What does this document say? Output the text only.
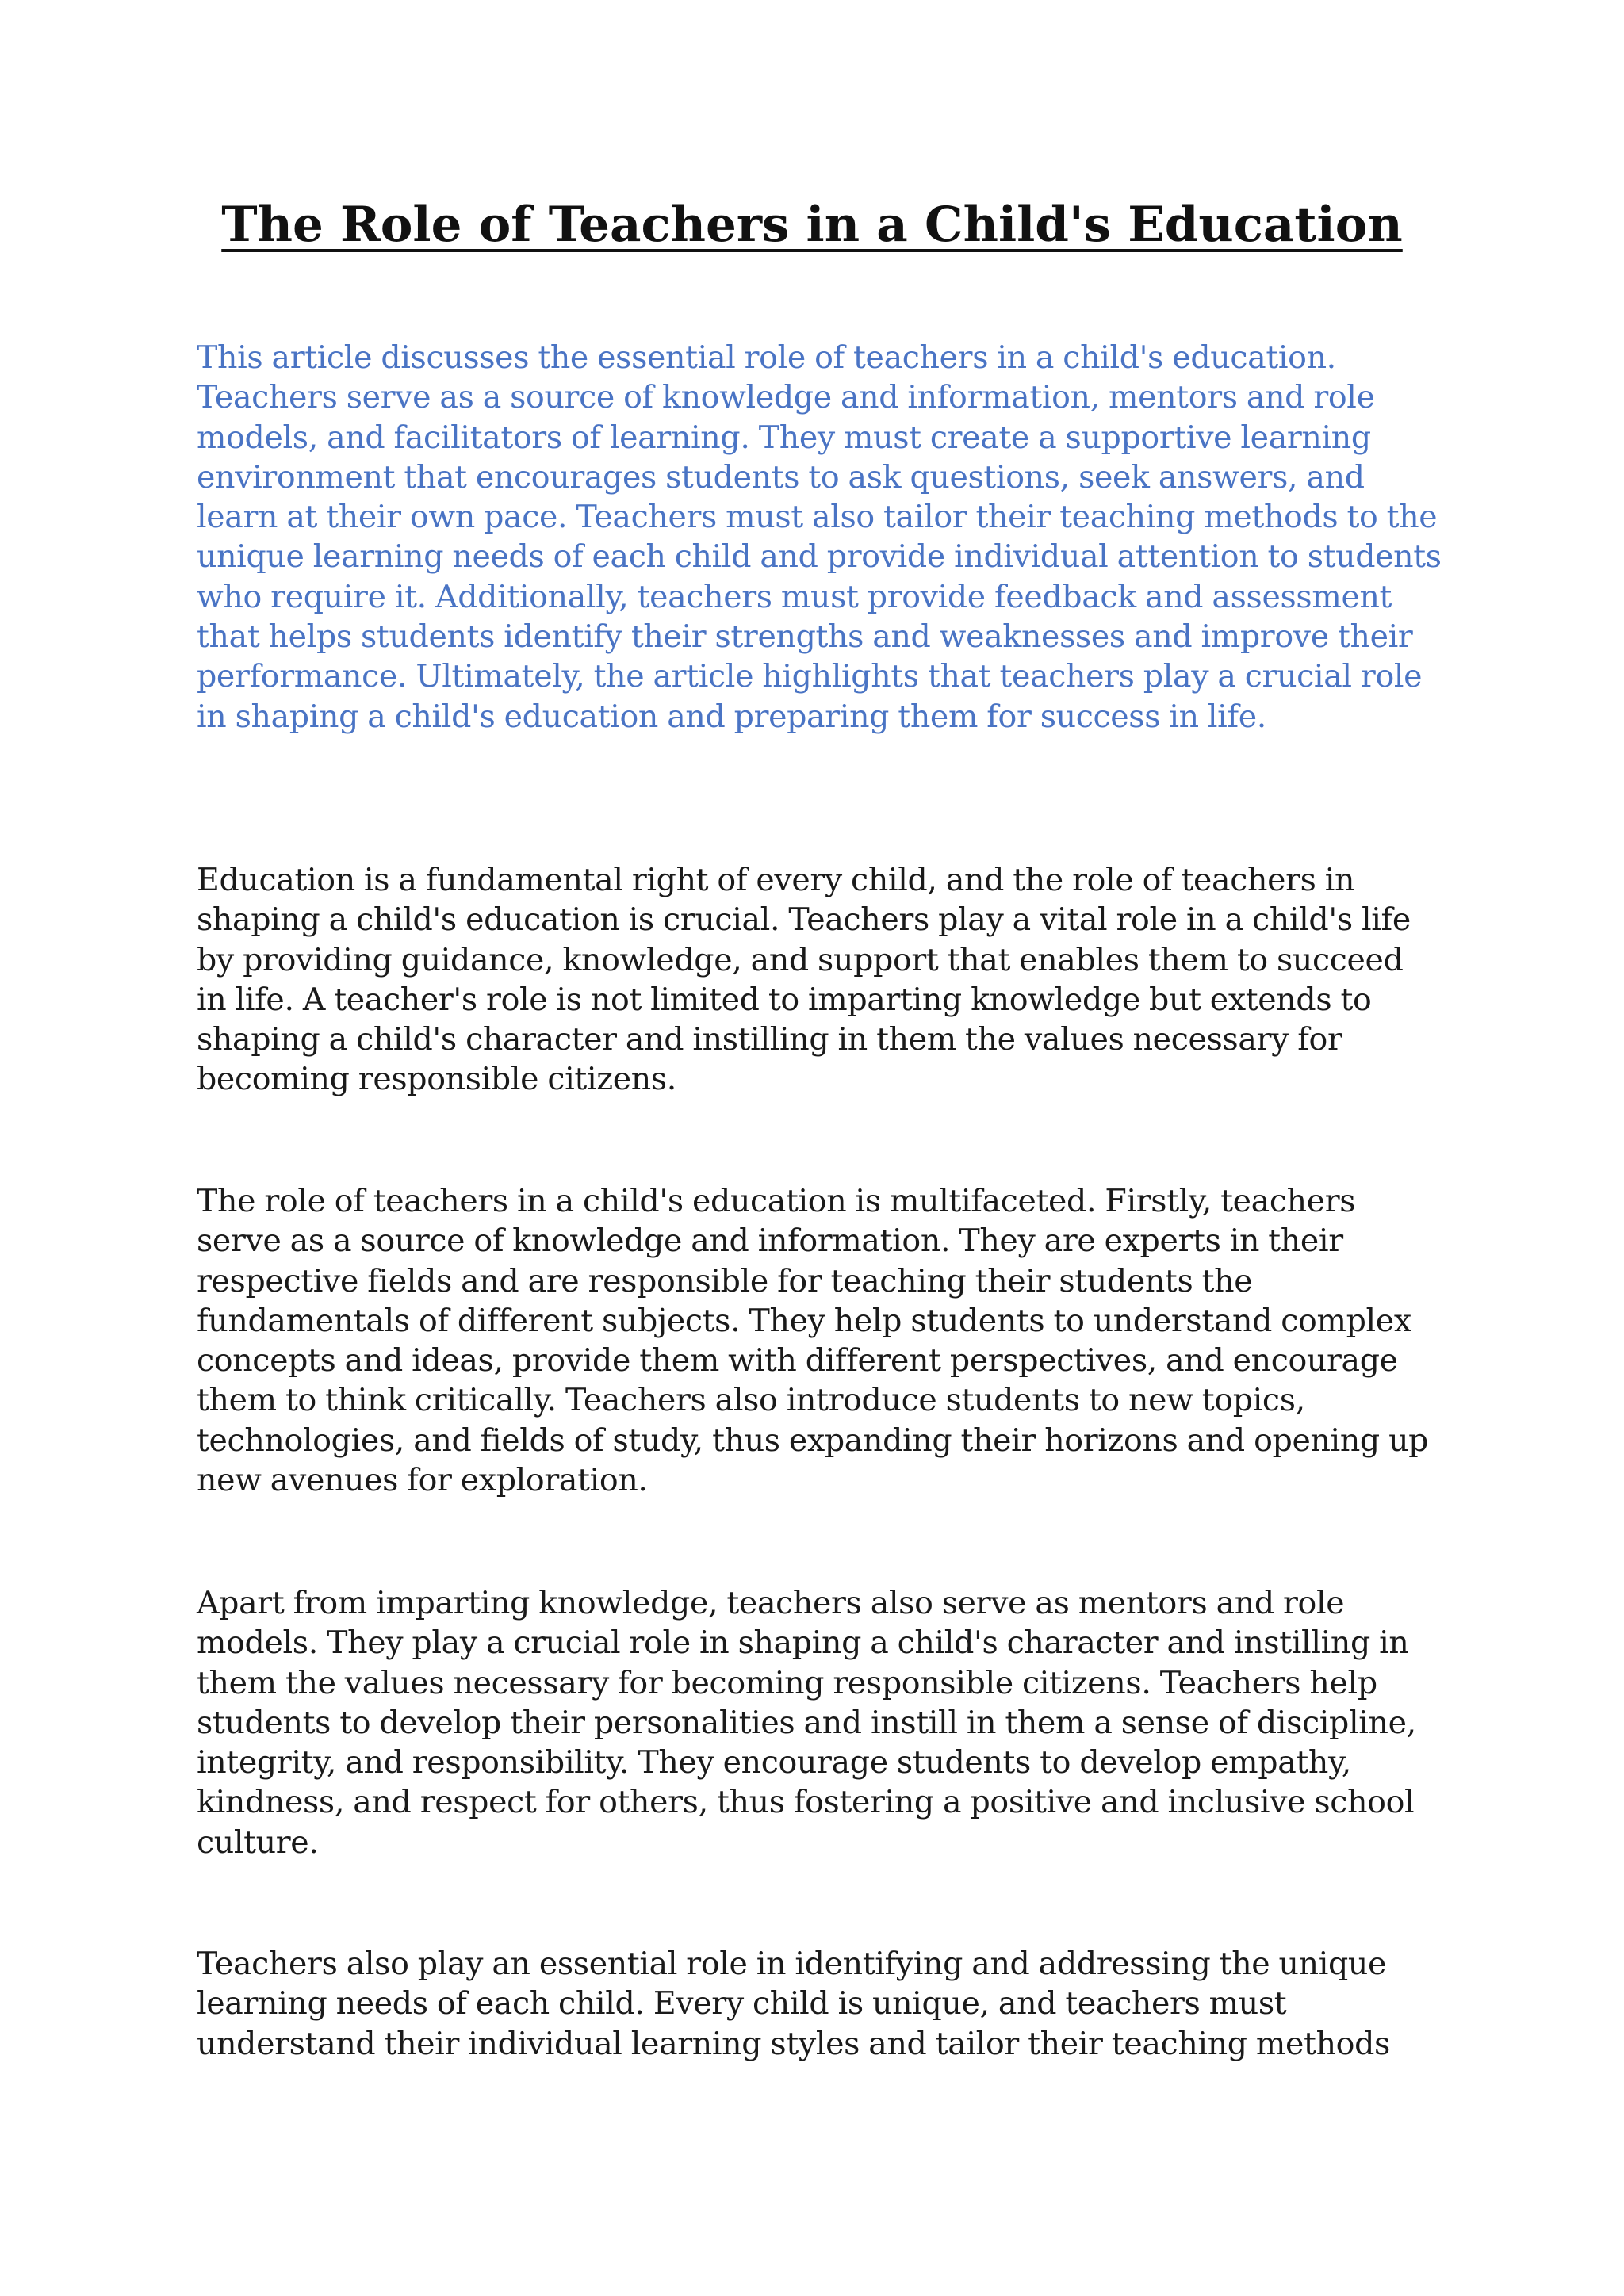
The Role of Teachers in a Child's Education

This article discusses the essential role of teachers in a child's education. Teachers serve as a source of knowledge and information, mentors and role models, and facilitators of learning. They must create a supportive learning environment that encourages students to ask questions, seek answers, and learn at their own pace. Teachers must also tailor their teaching methods to the unique learning needs of each child and provide individual attention to students who require it. Additionally, teachers must provide feedback and assessment that helps students identify their strengths and weaknesses and improve their performance. Ultimately, the article highlights that teachers play a crucial role in shaping a child's education and preparing them for success in life.

Education is a fundamental right of every child, and the role of teachers in shaping a child's education is crucial. Teachers play a vital role in a child's life by providing guidance, knowledge, and support that enables them to succeed in life. A teacher's role is not limited to imparting knowledge but extends to shaping a child's character and instilling in them the values necessary for becoming responsible citizens.

The role of teachers in a child's education is multifaceted. Firstly, teachers serve as a source of knowledge and information. They are experts in their respective fields and are responsible for teaching their students the fundamentals of different subjects. They help students to understand complex concepts and ideas, provide them with different perspectives, and encourage them to think critically. Teachers also introduce students to new topics, technologies, and fields of study, thus expanding their horizons and opening up new avenues for exploration.

Apart from imparting knowledge, teachers also serve as mentors and role models. They play a crucial role in shaping a child's character and instilling in them the values necessary for becoming responsible citizens. Teachers help students to develop their personalities and instill in them a sense of discipline, integrity, and responsibility. They encourage students to develop empathy, kindness, and respect for others, thus fostering a positive and inclusive school culture.

Teachers also play an essential role in identifying and addressing the unique learning needs of each child. Every child is unique, and teachers must understand their individual learning styles and tailor their teaching methods
